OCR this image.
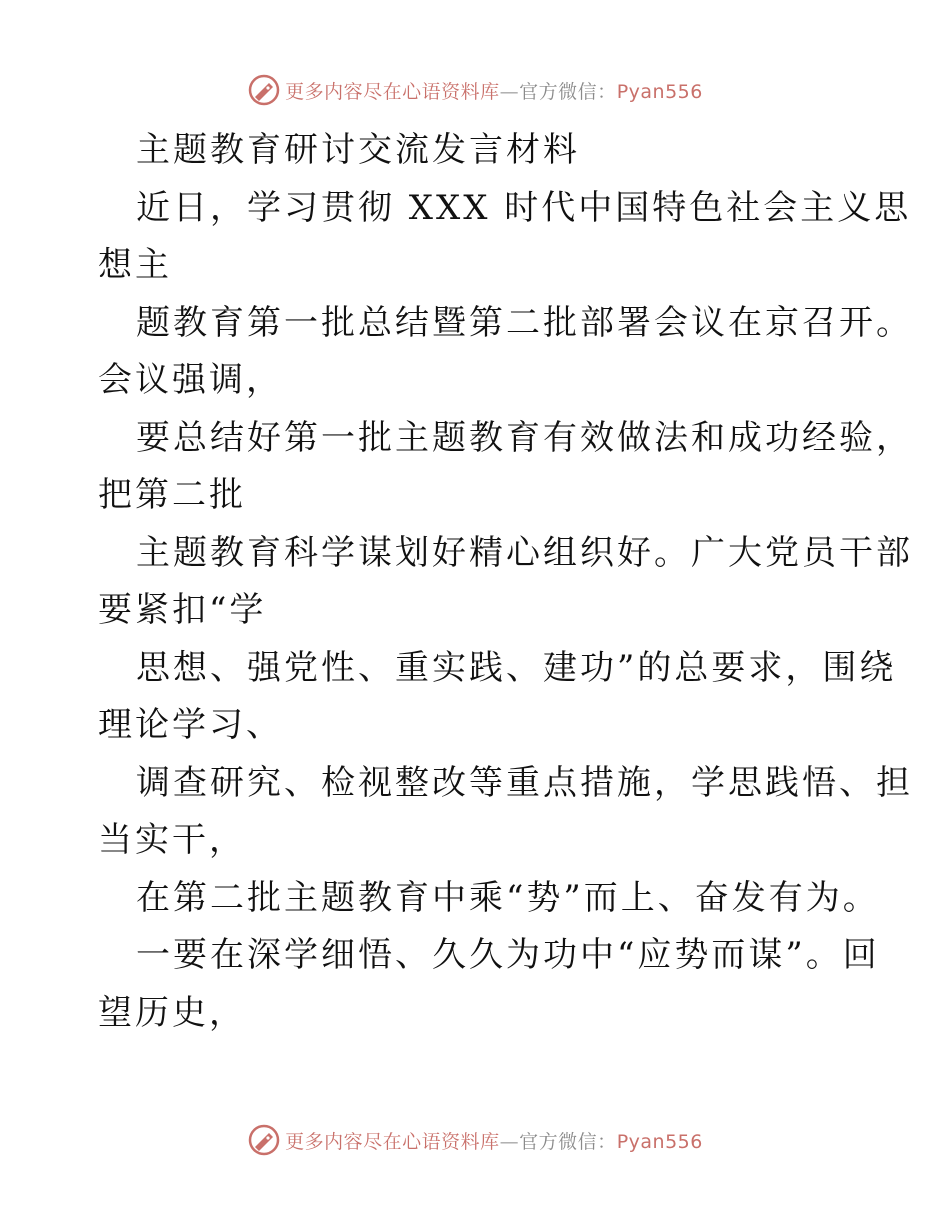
更多内容尽在心语资料库—官方微信：Pyan556
主题教育研讨交流发言材料
近日，学习贯彻 XXX 时代中国特色社会主义思
想主
题教育第一批总结暨第二批部署会议在京召开。
会议强调，
要总结好第一批主题教育有效做法和成功经验，
把第二批
主题教育科学谋划好精心组织好。广大党员干部
要紧扣“学
思想、强党性、重实践、建功”的总要求，围绕
理论学习、
调查研究、检视整改等重点措施，学思践悟、担
当实干，
在第二批主题教育中乘“势”而上、奋发有为。
一要在深学细悟、久久为功中“应势而谋”。回
望历史，
更多内容尽在心语资料库—官方微信：Pyan556
